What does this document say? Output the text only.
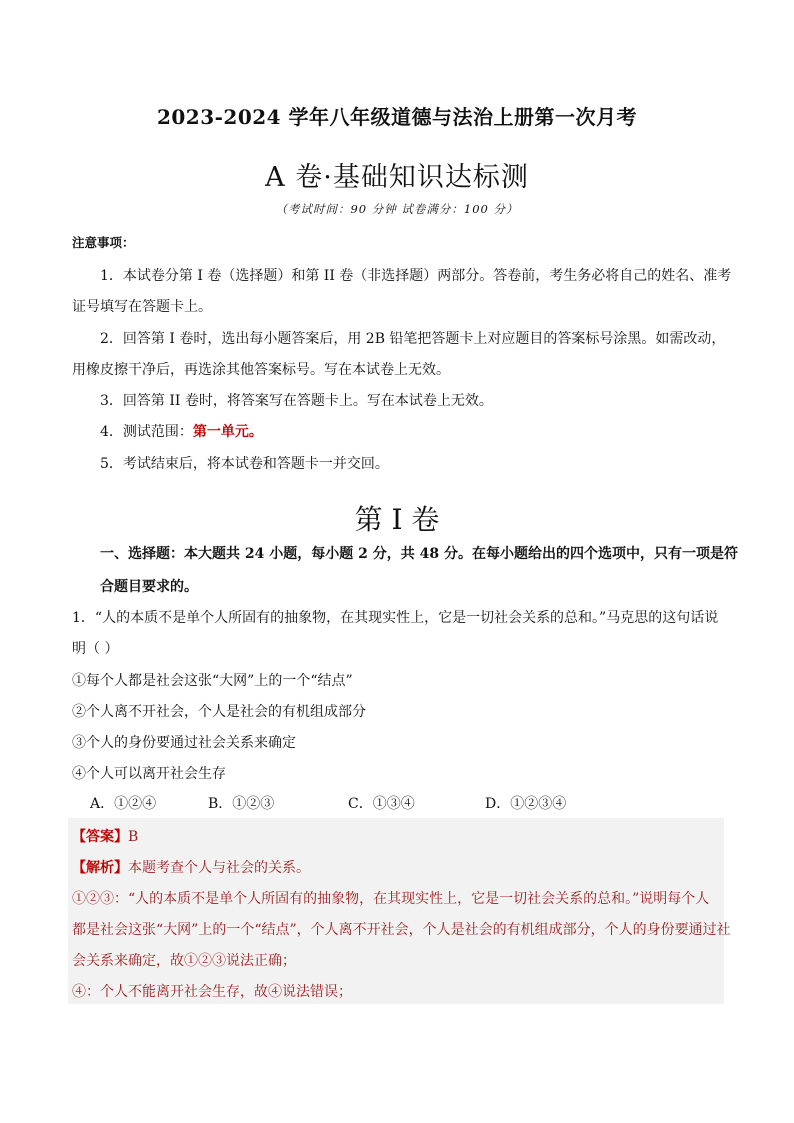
2023-2024 学年八年级道德与法治上册第一次月考
A 卷·基础知识达标测
（考试时间：90 分钟 试卷满分：100 分）
注意事项：
1．本试卷分第 I 卷（选择题）和第 II 卷（非选择题）两部分。答卷前，考生务必将自己的姓名、准考
证号填写在答题卡上。
2．回答第 I 卷时，选出每小题答案后，用 2B 铅笔把答题卡上对应题目的答案标号涂黑。如需改动，
用橡皮擦干净后，再选涂其他答案标号。写在本试卷上无效。
3．回答第 II 卷时，将答案写在答题卡上。写在本试卷上无效。
4．测试范围：第一单元。
5．考试结束后，将本试卷和答题卡一并交回。
第 I 卷
一、选择题：本大题共 24 小题，每小题 2 分，共 48 分。在每小题给出的四个选项中，只有一项是符
合题目要求的。
1．“人的本质不是单个人所固有的抽象物，在其现实性上，它是一切社会关系的总和。”马克思的这句话说
明（ ）
①每个人都是社会这张“大网”上的一个“结点”
②个人离不开社会，个人是社会的有机组成部分
③个人的身份要通过社会关系来确定
④个人可以离开社会生存
A．①②④	B．①②③	C．①③④	D．①②③④
【答案】B
【解析】本题考查个人与社会的关系。
①②③：“人的本质不是单个人所固有的抽象物，在其现实性上，它是一切社会关系的总和。”说明每个人
都是社会这张“大网”上的一个“结点”，个人离不开社会，个人是社会的有机组成部分，个人的身份要通过社
会关系来确定，故①②③说法正确；
④：个人不能离开社会生存，故④说法错误；
